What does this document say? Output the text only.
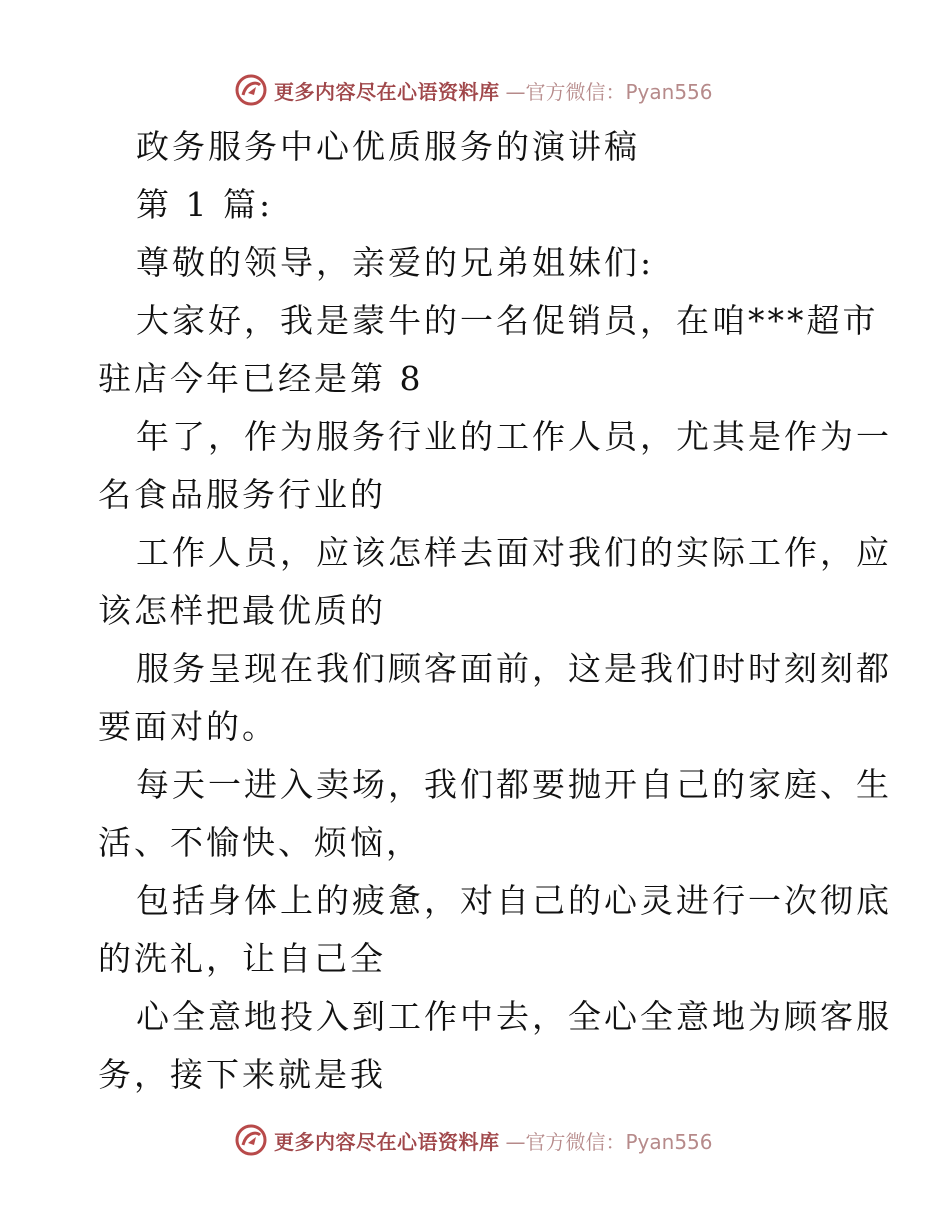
更多内容尽在心语资料库 —官方微信：Pyan556
政务服务中心优质服务的演讲稿
第 1 篇:
尊敬的领导，亲爱的兄弟姐妹们:
大家好，我是蒙牛的一名促销员，在咱***超市
驻店今年已经是第 8
年了，作为服务行业的工作人员，尤其是作为一
名食品服务行业的
工作人员，应该怎样去面对我们的实际工作，应
该怎样把最优质的
服务呈现在我们顾客面前，这是我们时时刻刻都
要面对的。
每天一进入卖场，我们都要抛开自己的家庭、生
活、不愉快、烦恼，
包括身体上的疲惫，对自己的心灵进行一次彻底
的洗礼，让自己全
心全意地投入到工作中去，全心全意地为顾客服
务，接下来就是我
更多内容尽在心语资料库 —官方微信：Pyan556
